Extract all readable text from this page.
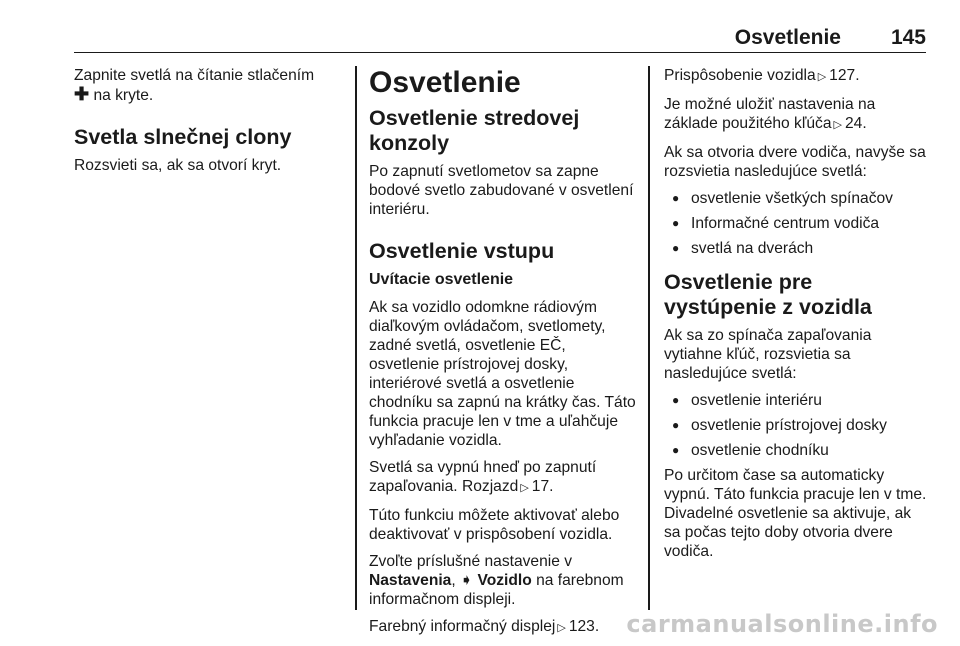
Osvetlenie 145

Zapnite svetlá na čítanie stlačením
✚ na kryte.

Svetla slnečnej clony

Rozsvieti sa, ak sa otvorí kryt.

Osvetlenie
Osvetlenie stredovej konzoly

Po zapnutí svetlometov sa zapne bodové svetlo zabudované v osvetlení interiéru.

Osvetlenie vstupu
Uvítacie osvetlenie

Ak sa vozidlo odomkne rádiovým diaľkovým ovládačom, svetlomety, zadné svetlá, osvetlenie EČ, osvetlenie prístrojovej dosky, interiérové svetlá a osvetlenie chodníku sa zapnú na krátky čas. Táto funkcia pracuje len v tme a uľahčuje vyhľadanie vozidla.

Svetlá sa vypnú hneď po zapnutí zapaľovania. Rozjazd ▷ 17.

Túto funkciu môžete aktivovať alebo deaktivovať v prispôsobení vozidla.

Zvoľte príslušné nastavenie v
Nastavenia, ➧ Vozidlo na farebnom informačnom displeji.

Farebný informačný displej ▷ 123.

Prispôsobenie vozidla ▷ 127.

Je možné uložiť nastavenia na základe použitého kľúča ▷ 24.

Ak sa otvoria dvere vodiča, navyše sa rozsvietia nasledujúce svetlá:

● osvetlenie všetkých spínačov
● Informačné centrum vodiča
● svetlá na dverách
Osvetlenie pre vystúpenie z vozidla

Ak sa zo spínača zapaľovania vytiahne kľúč, rozsvietia sa nasledujúce svetlá:

● osvetlenie interiéru
● osvetlenie prístrojovej dosky
● osvetlenie chodníku

Po určitom čase sa automaticky vypnú. Táto funkcia pracuje len v tme. Divadelné osvetlenie sa aktivuje, ak sa počas tejto doby otvoria dvere vodiča.

carmanualsonline.info
